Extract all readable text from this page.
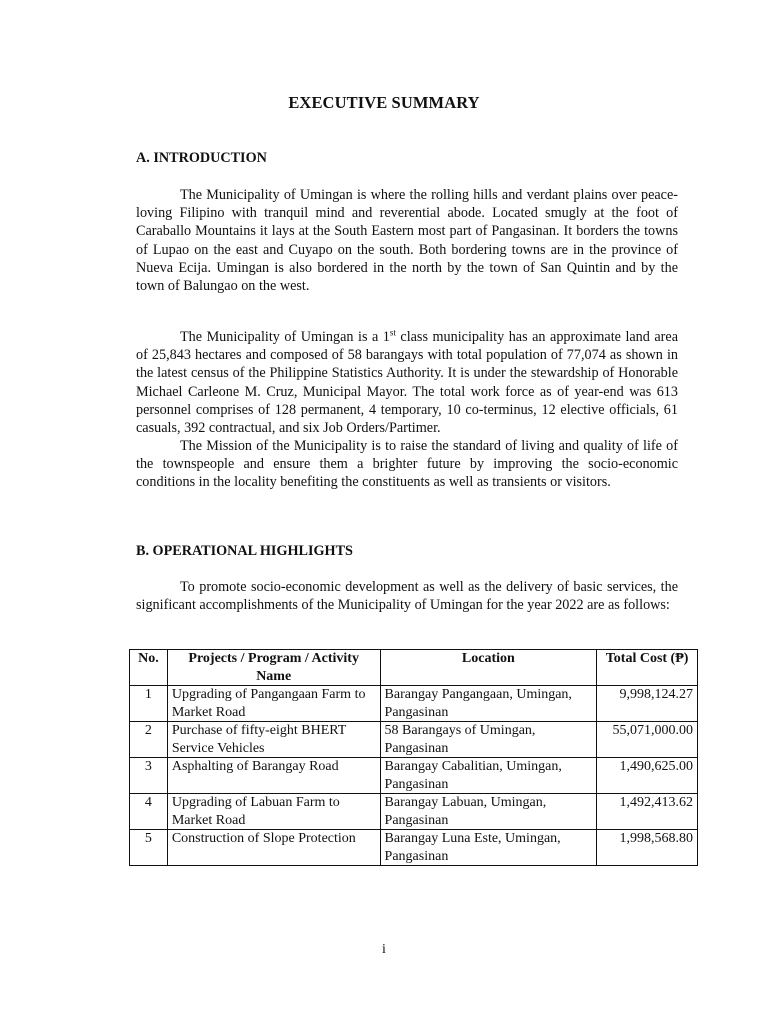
EXECUTIVE SUMMARY
A. INTRODUCTION

The Municipality of Umingan is where the rolling hills and verdant plains over peace-loving Filipino with tranquil mind and reverential abode. Located smugly at the foot of Caraballo Mountains it lays at the South Eastern most part of Pangasinan. It borders the towns of Lupao on the east and Cuyapo on the south. Both bordering towns are in the province of Nueva Ecija. Umingan is also bordered in the north by the town of San Quintin and by the town of Balungao on the west.

The Municipality of Umingan is a 1st class municipality has an approximate land area of 25,843 hectares and composed of 58 barangays with total population of 77,074 as shown in the latest census of the Philippine Statistics Authority. It is under the stewardship of Honorable Michael Carleone M. Cruz, Municipal Mayor. The total work force as of year-end was 613 personnel comprises of 128 permanent, 4 temporary, 10 co-terminus, 12 elective officials, 61 casuals, 392 contractual, and six Job Orders/Partimer.

The Mission of the Municipality is to raise the standard of living and quality of life of the townspeople and ensure them a brighter future by improving the socio-economic conditions in the locality benefiting the constituents as well as transients or visitors.

B. OPERATIONAL HIGHLIGHTS

To promote socio-economic development as well as the delivery of basic services, the significant accomplishments of the Municipality of Umingan for the year 2022 are as follows:

No.	Projects / Program / Activity Name	Location	Total Cost (₱)
1	Upgrading of Pangangaan Farm to Market Road	Barangay Pangangaan, Umingan, Pangasinan	9,998,124.27
2	Purchase of fifty-eight BHERT Service Vehicles	58 Barangays of Umingan, Pangasinan	55,071,000.00
3	Asphalting of Barangay Road	Barangay Cabalitian, Umingan, Pangasinan	1,490,625.00
4	Upgrading of Labuan Farm to Market Road	Barangay Labuan, Umingan, Pangasinan	1,492,413.62
5	Construction of Slope Protection	Barangay Luna Este, Umingan, Pangasinan	1,998,568.80
i
